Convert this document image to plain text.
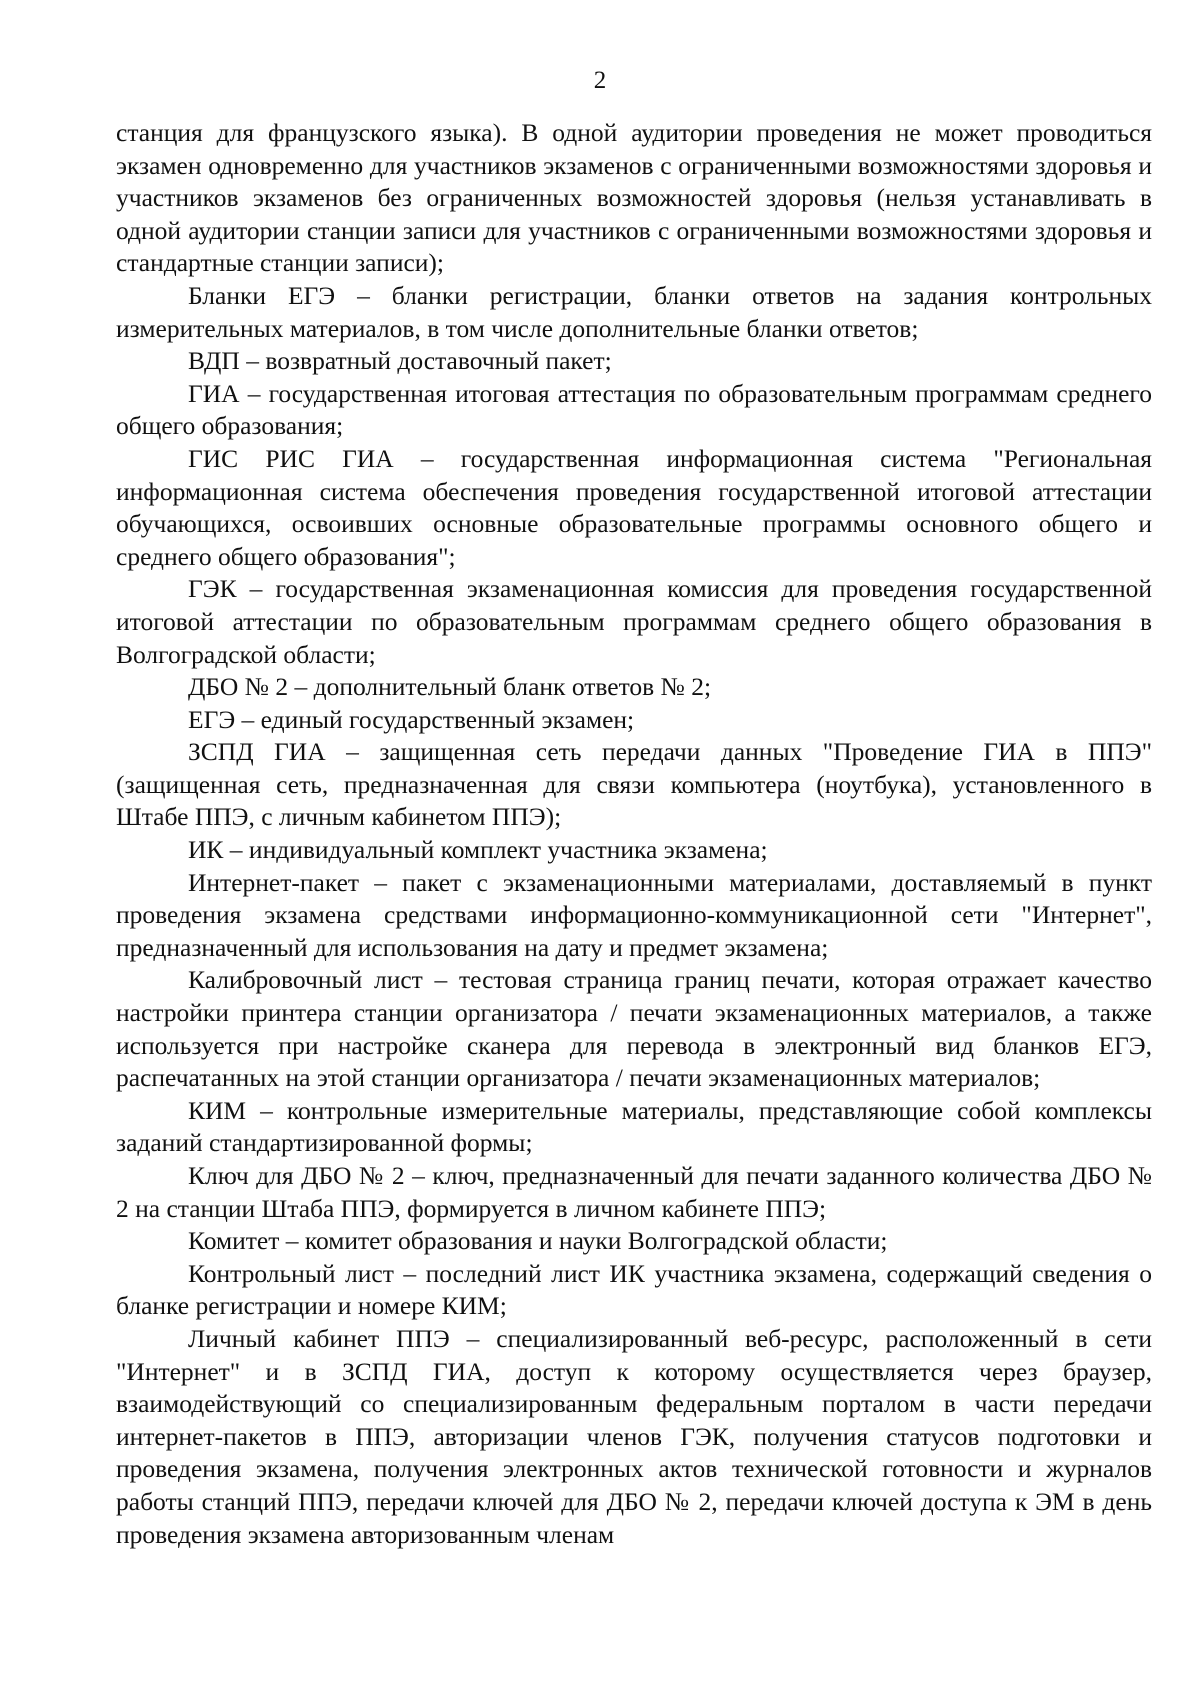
2

станция для французского языка). В одной аудитории проведения не может проводиться экзамен одновременно для участников экзаменов с ограниченными возможностями здоровья и участников экзаменов без ограниченных возможностей здоровья (нельзя устанавливать в одной аудитории станции записи для участников с ограниченными возможностями здоровья и стандартные станции записи);

Бланки ЕГЭ – бланки регистрации, бланки ответов на задания контрольных измерительных материалов, в том числе дополнительные бланки ответов;

ВДП – возвратный доставочный пакет;

ГИА – государственная итоговая аттестация по образовательным программам среднего общего образования;

ГИС РИС ГИА – государственная информационная система "Региональная информационная система обеспечения проведения государственной итоговой аттестации обучающихся, освоивших основные образовательные программы основного общего и среднего общего образования";

ГЭК – государственная экзаменационная комиссия для проведения государственной итоговой аттестации по образовательным программам среднего общего образования в Волгоградской области;

ДБО № 2 – дополнительный бланк ответов № 2;

ЕГЭ – единый государственный экзамен;

ЗСПД ГИА – защищенная сеть передачи данных "Проведение ГИА в ППЭ" (защищенная сеть, предназначенная для связи компьютера (ноутбука), установленного в Штабе ППЭ, с личным кабинетом ППЭ);

ИК – индивидуальный комплект участника экзамена;

Интернет-пакет – пакет с экзаменационными материалами, доставляемый в пункт проведения экзамена средствами информационно-коммуникационной сети "Интернет", предназначенный для использования на дату и предмет экзамена;

Калибровочный лист – тестовая страница границ печати, которая отражает качество настройки принтера станции организатора / печати экзаменационных материалов, а также используется при настройке сканера для перевода в электронный вид бланков ЕГЭ, распечатанных на этой станции организатора / печати экзаменационных материалов;

КИМ – контрольные измерительные материалы, представляющие собой комплексы заданий стандартизированной формы;

Ключ для ДБО № 2 – ключ, предназначенный для печати заданного количества ДБО № 2 на станции Штаба ППЭ, формируется в личном кабинете ППЭ;

Комитет – комитет образования и науки Волгоградской области;

Контрольный лист – последний лист ИК участника экзамена, содержащий сведения о бланке регистрации и номере КИМ;

Личный кабинет ППЭ – специализированный веб-ресурс, расположенный в сети "Интернет" и в ЗСПД ГИА, доступ к которому осуществляется через браузер, взаимодействующий со специализированным федеральным порталом в части передачи интернет-пакетов в ППЭ, авторизации членов ГЭК, получения статусов подготовки и проведения экзамена, получения электронных актов технической готовности и журналов работы станций ППЭ, передачи ключей для ДБО № 2, передачи ключей доступа к ЭМ в день проведения экзамена авторизованным членам
